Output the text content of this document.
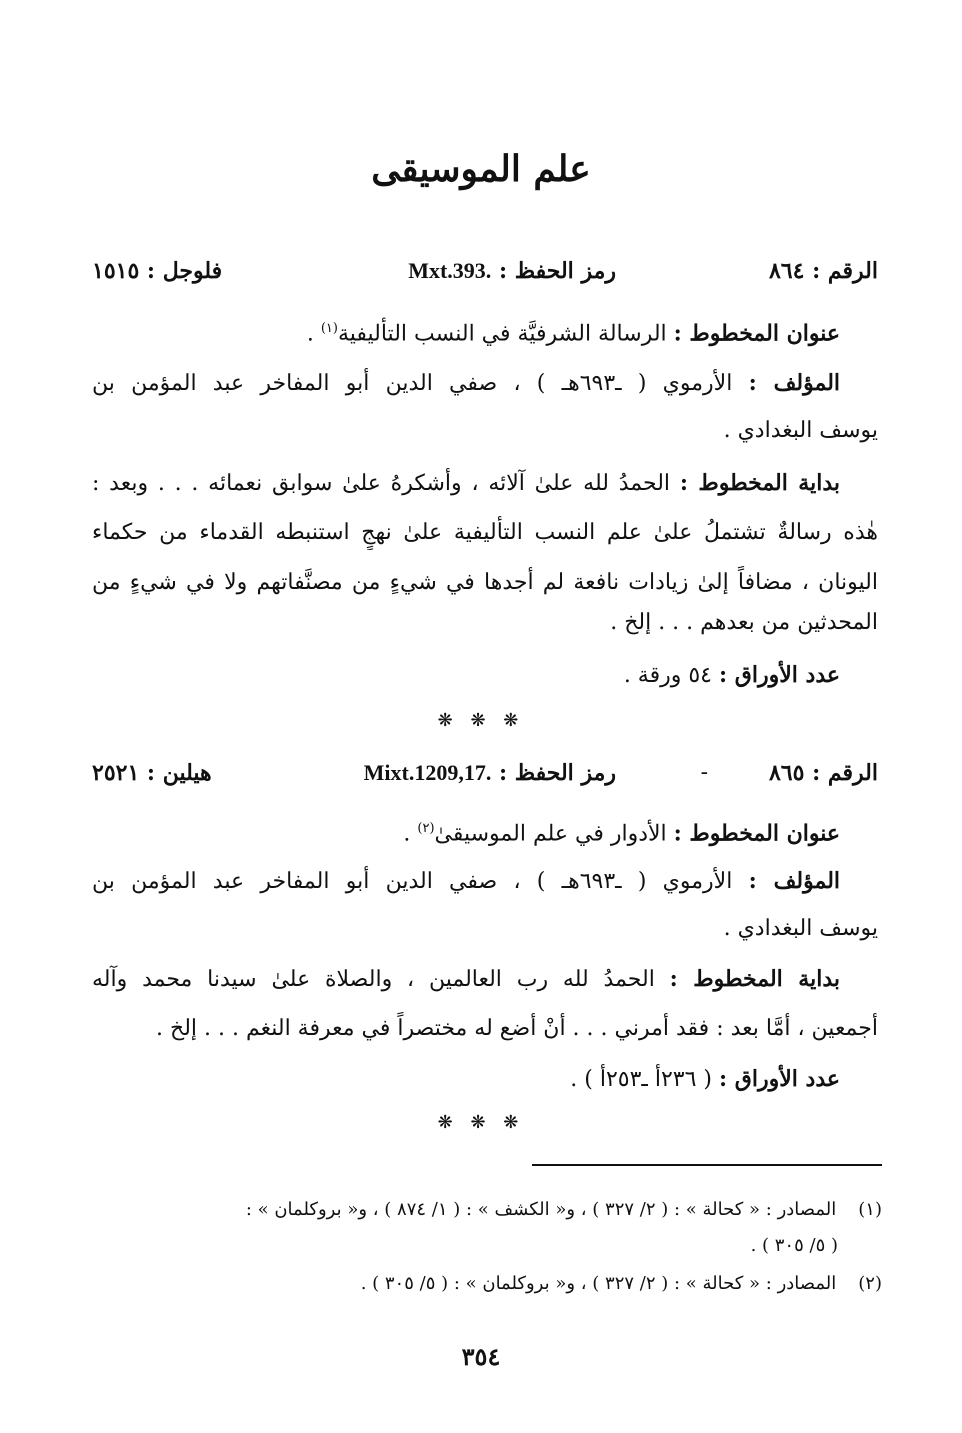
علم الموسيقى
الرقم : ٨٦٤
رمز الحفظ : Mxt.393.
فلوجل : ١٥١٥
عنوان المخطوط : الرسالة الشرفيَّة في النسب التأليفية$^{(١)}$ .
المؤلف : الأرموي ( ـ٦٩٣هـ ) ، صفي الدين أبو المفاخر عبد المؤمن بن
يوسف البغدادي .
بداية المخطوط : الحمدُ لله علىٰ آلائه ، وأشكرهُ علىٰ سوابق نعمائه . . . وبعد :
هٰذه رسالةٌ تشتملُ علىٰ علم النسب التأليفية علىٰ نهجٍ استنبطه القدماء من حكماء
اليونان ، مضافاً إلىٰ زيادات نافعة لم أجدها في شيءٍ من مصنَّفاتهم ولا في شيءٍ من
المحدثين من بعدهم . . . إلخ .
عدد الأوراق : ٥٤ ورقة .
❋ ❋ ❋
الرقم : ٨٦٥
-
رمز الحفظ : Mixt.1209,17.
هيلين : ٢٥٢١
عنوان المخطوط : الأدوار في علم الموسيقىٰ$^{(٢)}$ .
المؤلف : الأرموي ( ـ٦٩٣هـ ) ، صفي الدين أبو المفاخر عبد المؤمن بن
يوسف البغدادي .
بداية المخطوط : الحمدُ لله رب العالمين ، والصلاة علىٰ سيدنا محمد وآله
أجمعين ، أمَّا بعد : فقد أمرني . . . أنْ أضع له مختصراً في معرفة النغم . . . إلخ .
عدد الأوراق : ( ٢٣٦أ ـ٢٥٣أ ) .
❋ ❋ ❋
(١) المصادر : « كحالة » : ( ٢/ ٣٢٧ ) ، و« الكشف » : ( ١/ ٨٧٤ ) ، و« بروكلمان » :
( ٥/ ٣٠٥ ) .
(٢) المصادر : « كحالة » : ( ٢/ ٣٢٧ ) ، و« بروكلمان » : ( ٥/ ٣٠٥ ) .
٣٥٤
